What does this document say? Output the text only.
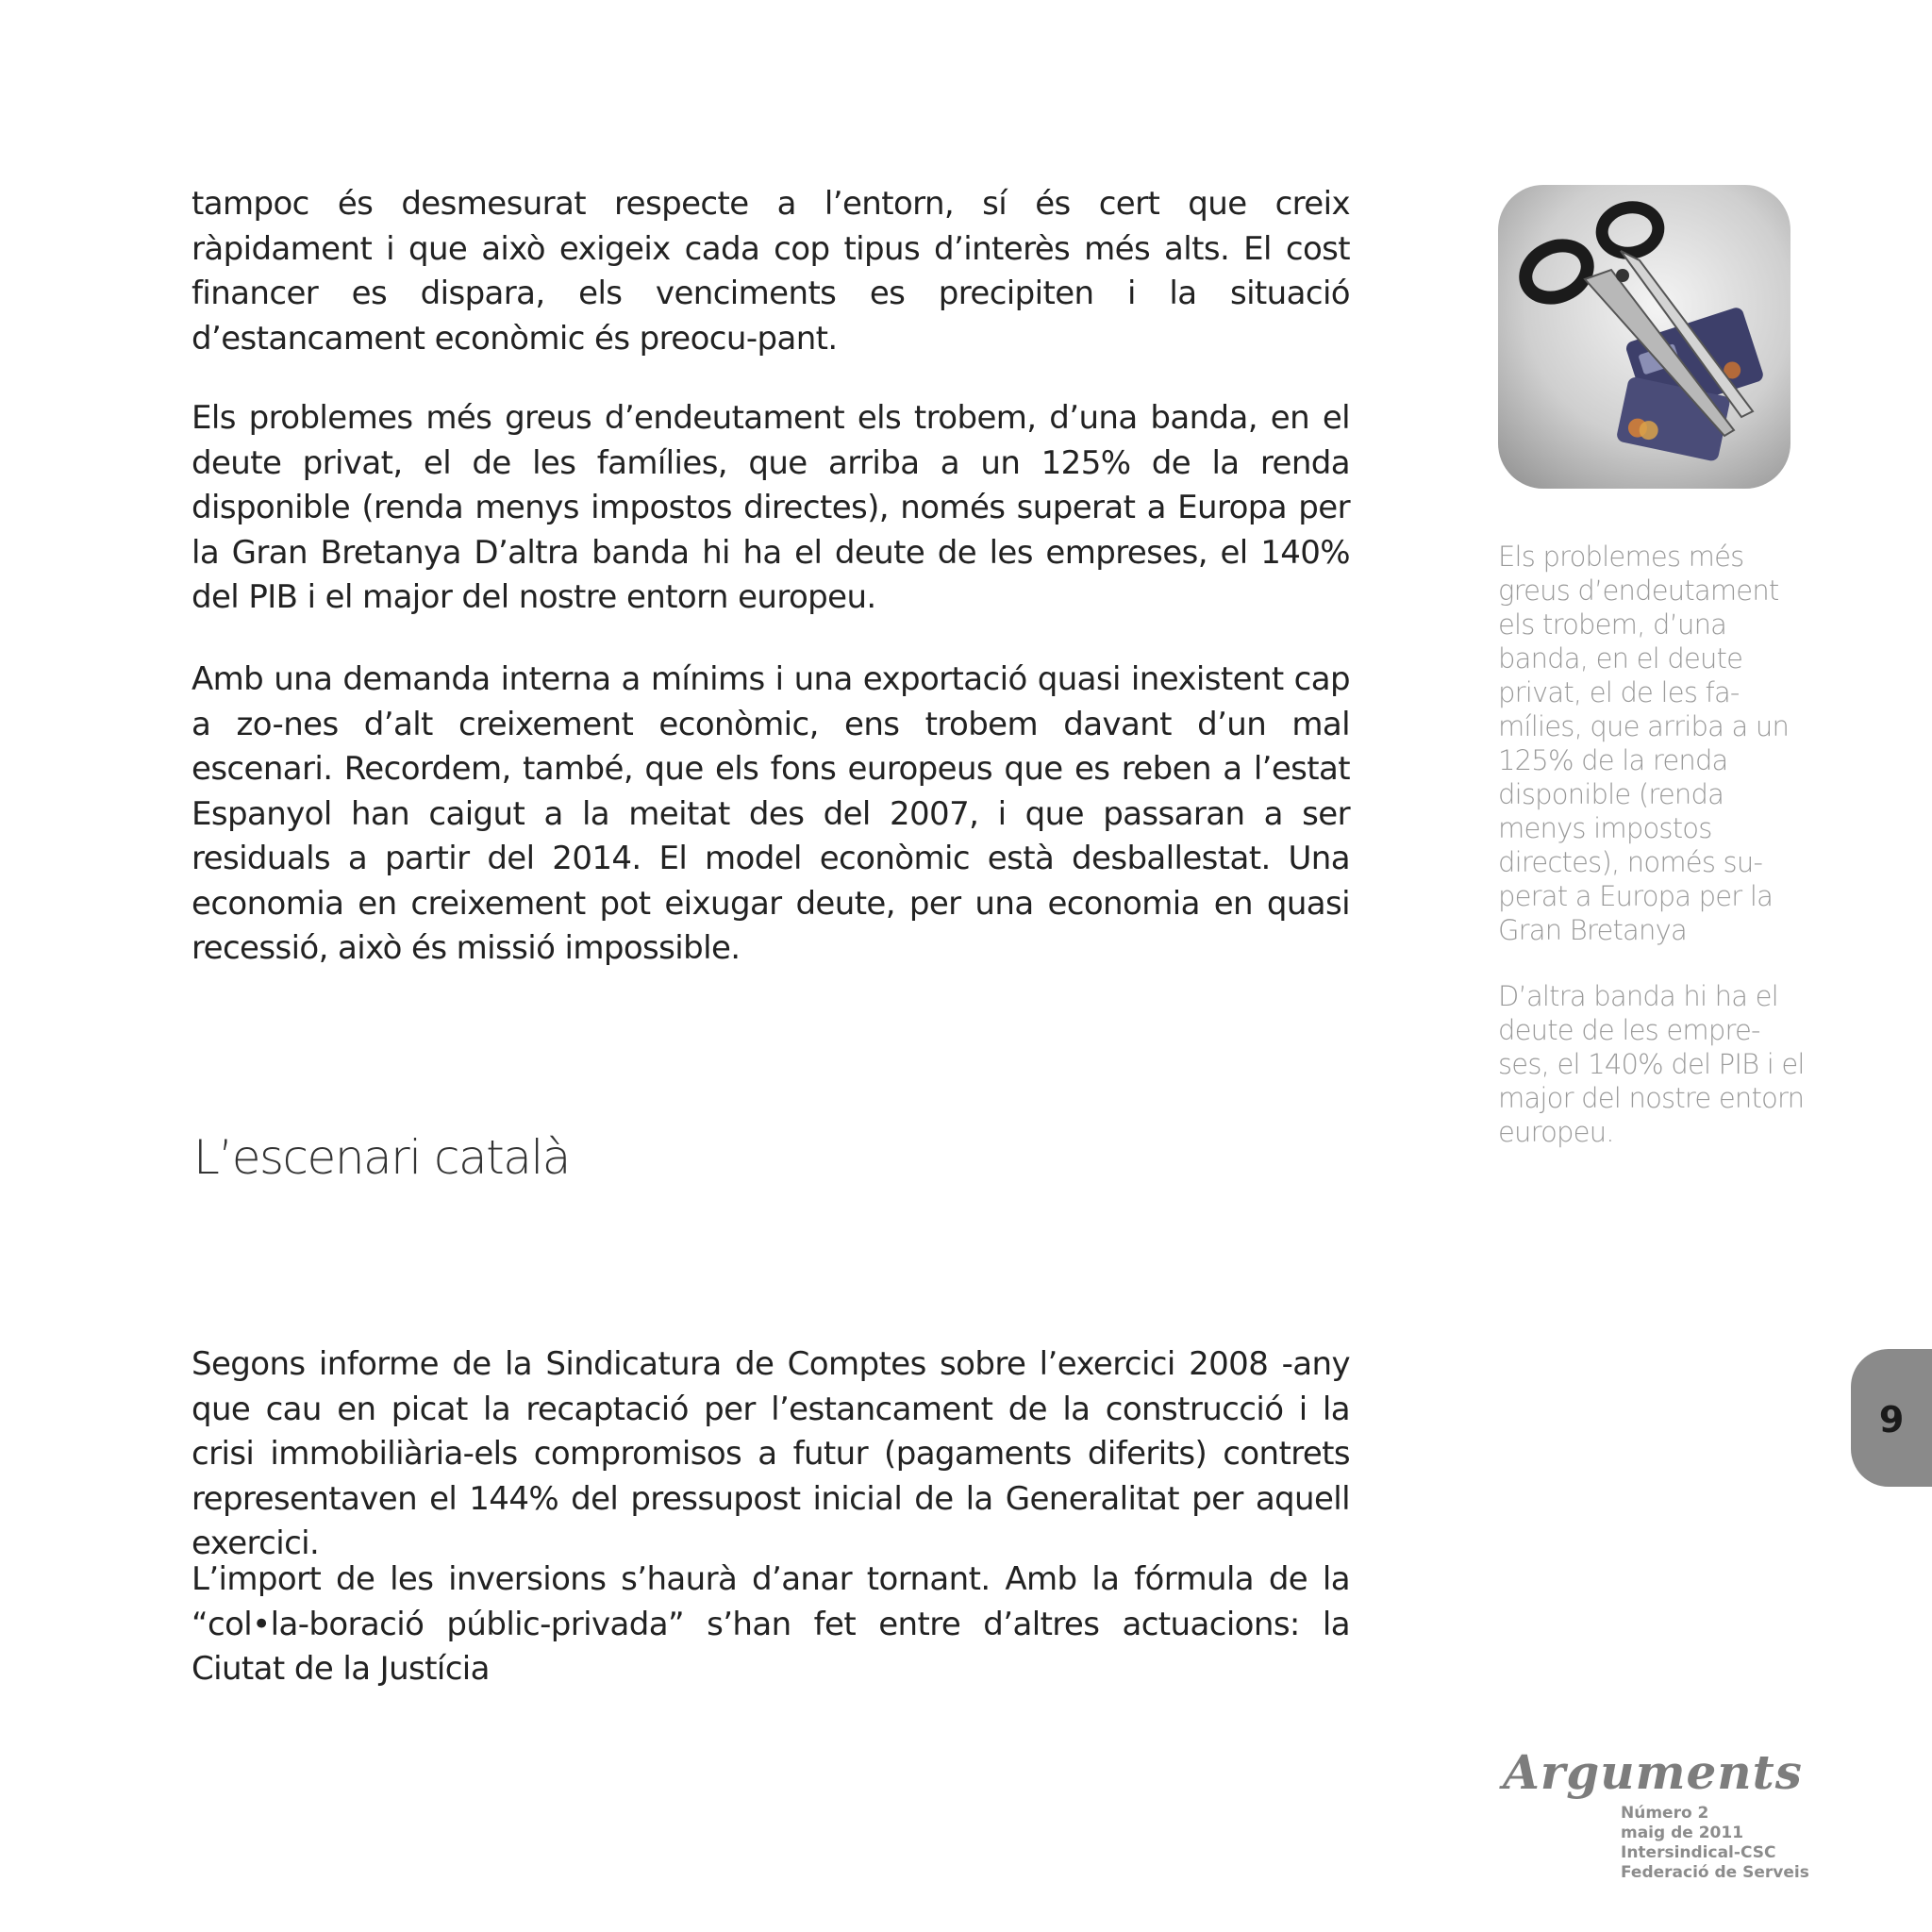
tampoc és desmesurat respecte a l’entorn, sí és cert que creix ràpidament i que això exigeix cada cop tipus d’interès més alts. El cost financer es dispara, els venciments es precipiten i la situació d’estancament econòmic és preocu-pant.

Els problemes més greus d’endeutament els trobem, d’una banda, en el deute privat, el de les famílies, que arriba a un 125% de la renda disponible (renda menys impostos directes), només superat a Europa per la Gran Bretanya D’altra banda hi ha el deute de les empreses, el 140% del PIB i el major del nostre entorn europeu.

Amb una demanda interna a mínims i una exportació quasi inexistent cap a zo-nes d’alt creixement econòmic, ens trobem davant d’un mal escenari. Recordem, també, que els fons europeus que es reben a l’estat Espanyol han caigut a la meitat des del 2007, i que passaran a ser residuals a partir del 2014. El model econòmic està desballestat. Una economia en creixement pot eixugar deute, per una economia en quasi recessió, això és missió impossible.

L’escenari català

Segons informe de la Sindicatura de Comptes sobre l’exercici 2008 -any que cau en picat la recaptació per l’estancament de la construcció i la crisi immobiliària-els compromisos a futur (pagaments diferits) contrets representaven el 144% del pressupost inicial de la Generalitat per aquell exercici.

L’import de les inversions s’haurà d’anar tornant. Amb la fórmula de la “col•la-boració públic-privada” s’han fet entre d’altres actuacions: la Ciutat de la Justícia

Els problemes més greus d’endeutament els trobem, d’una banda, en el deute privat, el de les fa-mílies, que arriba a un 125% de la renda disponible (renda menys impostos directes), només su-perat a Europa per la Gran Bretanya

D’altra banda hi ha el deute de les empre-ses, el 140% del PIB i el major del nostre entorn europeu.

6
Arguments
Número 2
maig de 2011
Intersindical-CSC
Federació de Serveis
